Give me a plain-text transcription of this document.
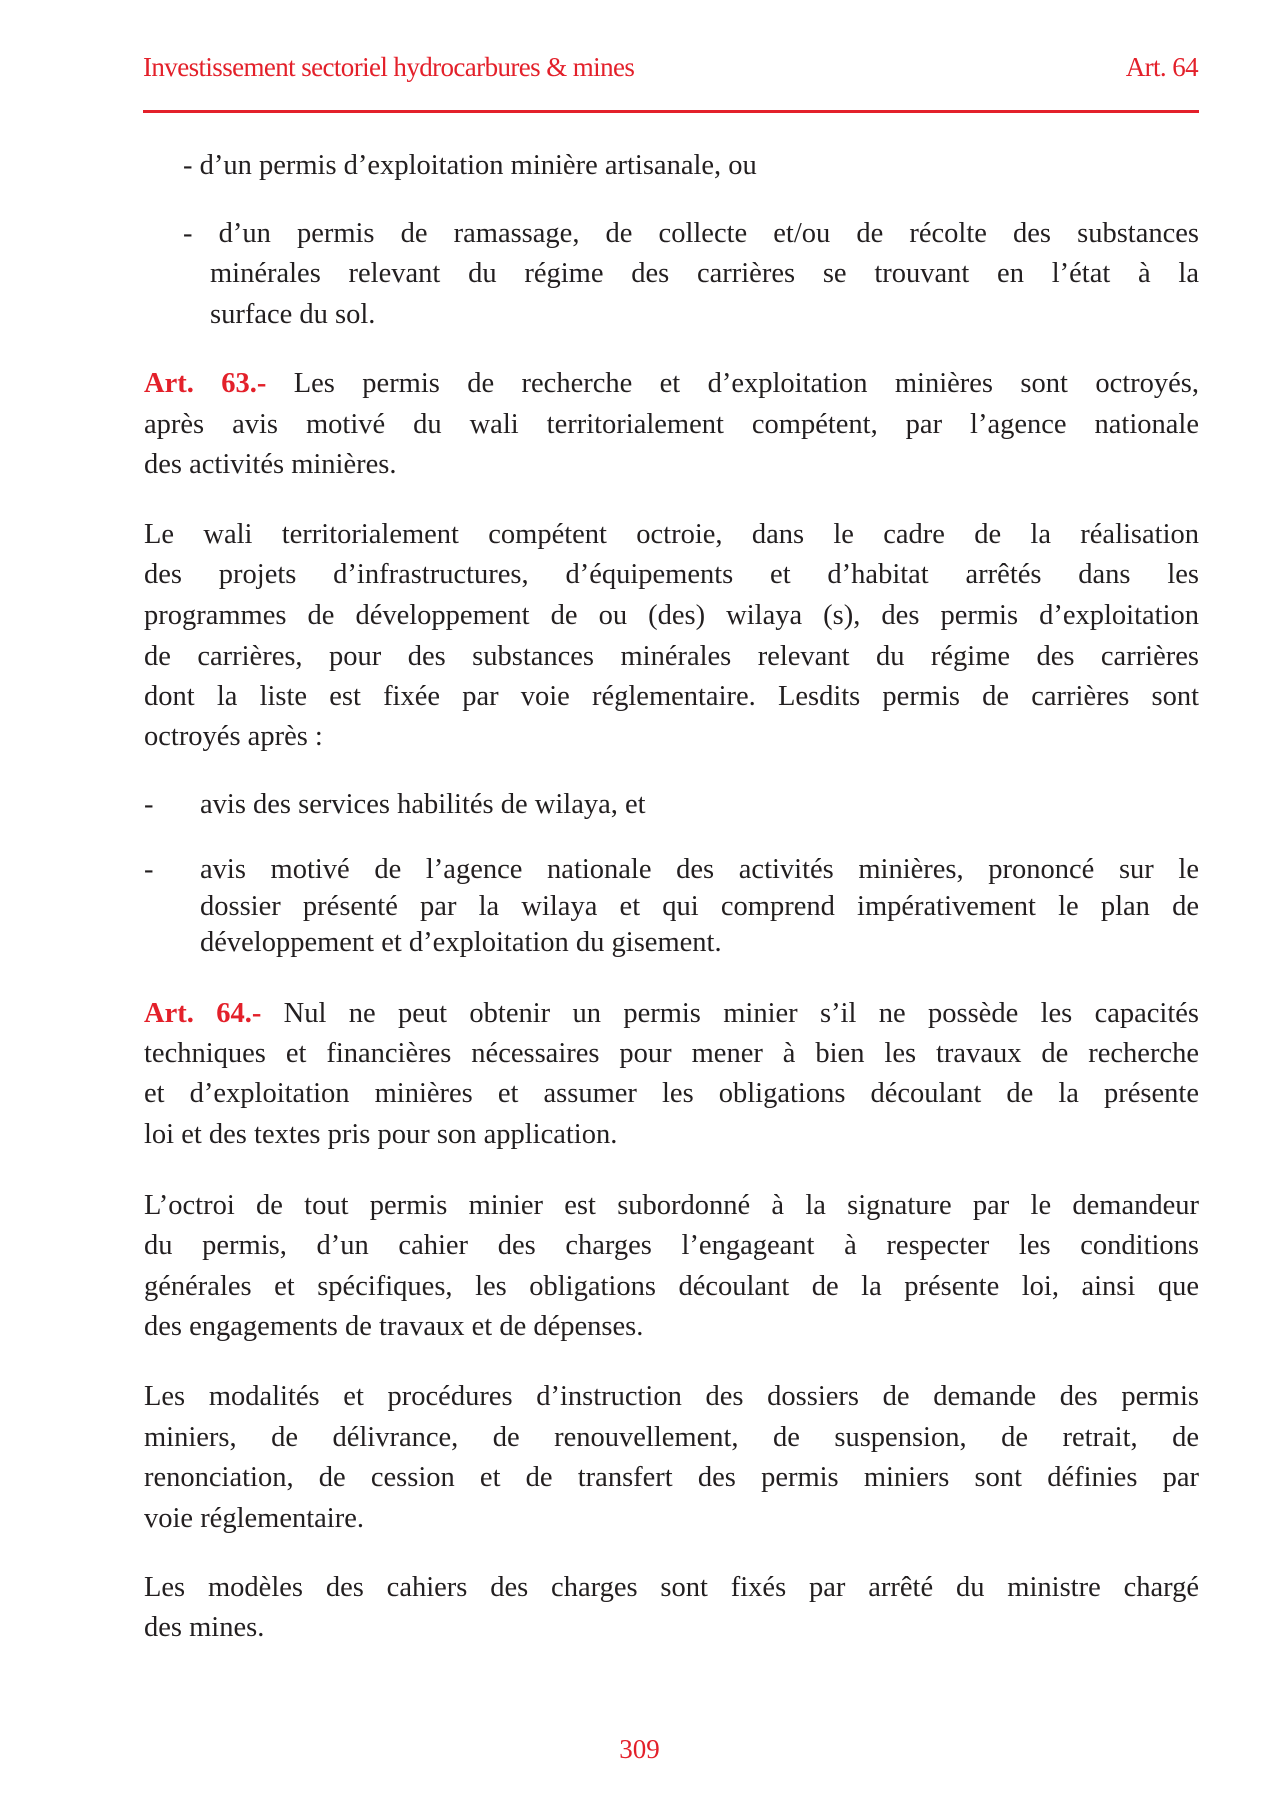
Investissement sectoriel hydrocarbures & mines	Art. 64
- d’un permis d’exploitation minière artisanale, ou
- d’un permis de ramassage, de collecte et/ou de récolte des substances
minérales relevant du régime des carrières se trouvant en l’état à la
surface du sol.
Art. 63.- Les permis de recherche et d’exploitation minières sont octroyés,
après avis motivé du wali territorialement compétent, par l’agence nationale
des activités minières.
Le wali territorialement compétent octroie, dans le cadre de la réalisation
des projets d’infrastructures, d’équipements et d’habitat arrêtés dans les
programmes de développement de ou (des) wilaya (s), des permis d’exploitation
de carrières, pour des substances minérales relevant du régime des carrières
dont la liste est fixée par voie réglementaire. Lesdits permis de carrières sont
octroyés après :
- avis des services habilités de wilaya, et
- avis motivé de l’agence nationale des activités minières, prononcé sur le
dossier présenté par la wilaya et qui comprend impérativement le plan de
développement et d’exploitation du gisement.
Art. 64.- Nul ne peut obtenir un permis minier s’il ne possède les capacités
techniques et financières nécessaires pour mener à bien les travaux de recherche
et d’exploitation minières et assumer les obligations découlant de la présente
loi et des textes pris pour son application.
L’octroi de tout permis minier est subordonné à la signature par le demandeur
du permis, d’un cahier des charges l’engageant à respecter les conditions
générales et spécifiques, les obligations découlant de la présente loi, ainsi que
des engagements de travaux et de dépenses.
Les modalités et procédures d’instruction des dossiers de demande des permis
miniers, de délivrance, de renouvellement, de suspension, de retrait, de
renonciation, de cession et de transfert des permis miniers sont définies par
voie réglementaire.
Les modèles des cahiers des charges sont fixés par arrêté du ministre chargé
des mines.
309
